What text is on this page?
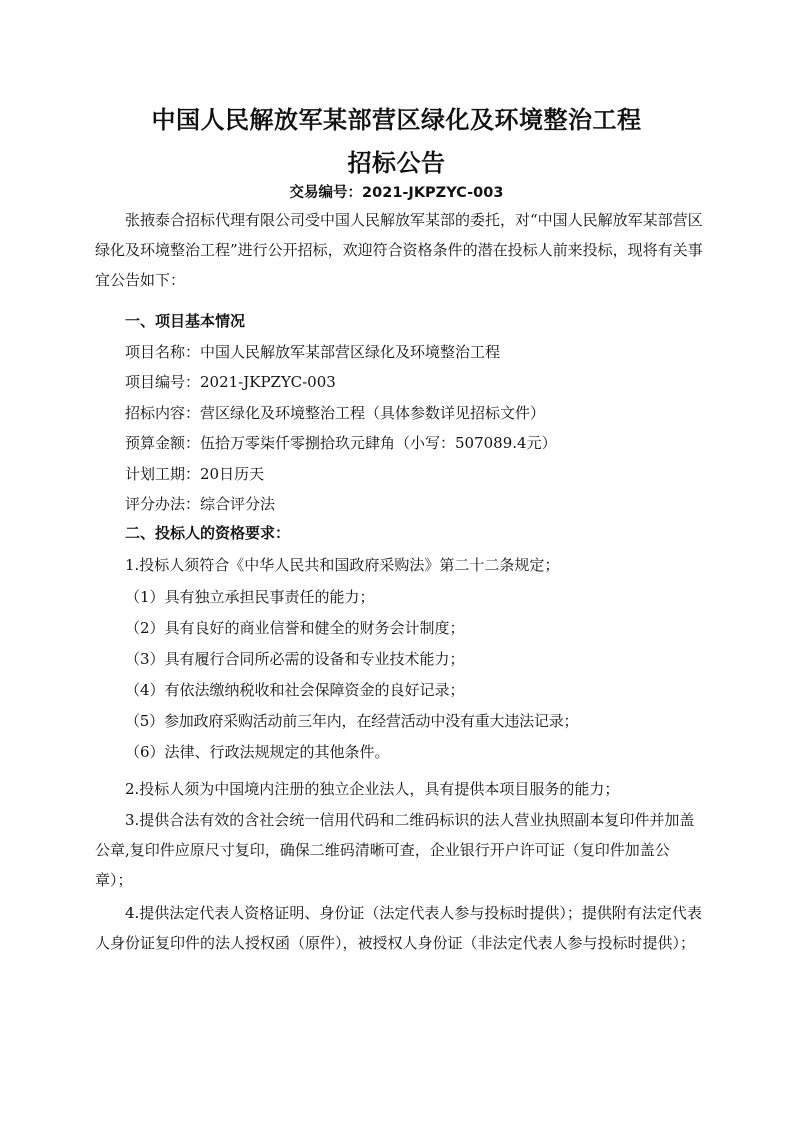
中国人民解放军某部营区绿化及环境整治工程
招标公告
交易编号：2021-JKPZYC-003

张掖泰合招标代理有限公司受中国人民解放军某部的委托，对“中国人民解放军某部营区绿化及环境整治工程”进行公开招标，欢迎符合资格条件的潜在投标人前来投标，现将有关事宜公告如下：

一、项目基本情况
项目名称：中国人民解放军某部营区绿化及环境整治工程
项目编号：2021-JKPZYC-003
招标内容：营区绿化及环境整治工程（具体参数详见招标文件）
预算金额：伍拾万零柒仟零捌拾玖元肆角（小写：507089.4元）
计划工期：20日历天
评分办法：综合评分法
二、投标人的资格要求：
1.投标人须符合《中华人民共和国政府采购法》第二十二条规定；
（1）具有独立承担民事责任的能力；
（2）具有良好的商业信誉和健全的财务会计制度；
（3）具有履行合同所必需的设备和专业技术能力；
（4）有依法缴纳税收和社会保障资金的良好记录；
（5）参加政府采购活动前三年内，在经营活动中没有重大违法记录；
（6）法律、行政法规规定的其他条件。
2.投标人须为中国境内注册的独立企业法人，具有提供本项目服务的能力；

3.提供合法有效的含社会统一信用代码和二维码标识的法人营业执照副本复印件并加盖公章,复印件应原尺寸复印，确保二维码清晰可查，企业银行开户许可证（复印件加盖公章）；

4.提供法定代表人资格证明、身份证（法定代表人参与投标时提供）；提供附有法定代表人身份证复印件的法人授权函（原件），被授权人身份证（非法定代表人参与投标时提供）；
